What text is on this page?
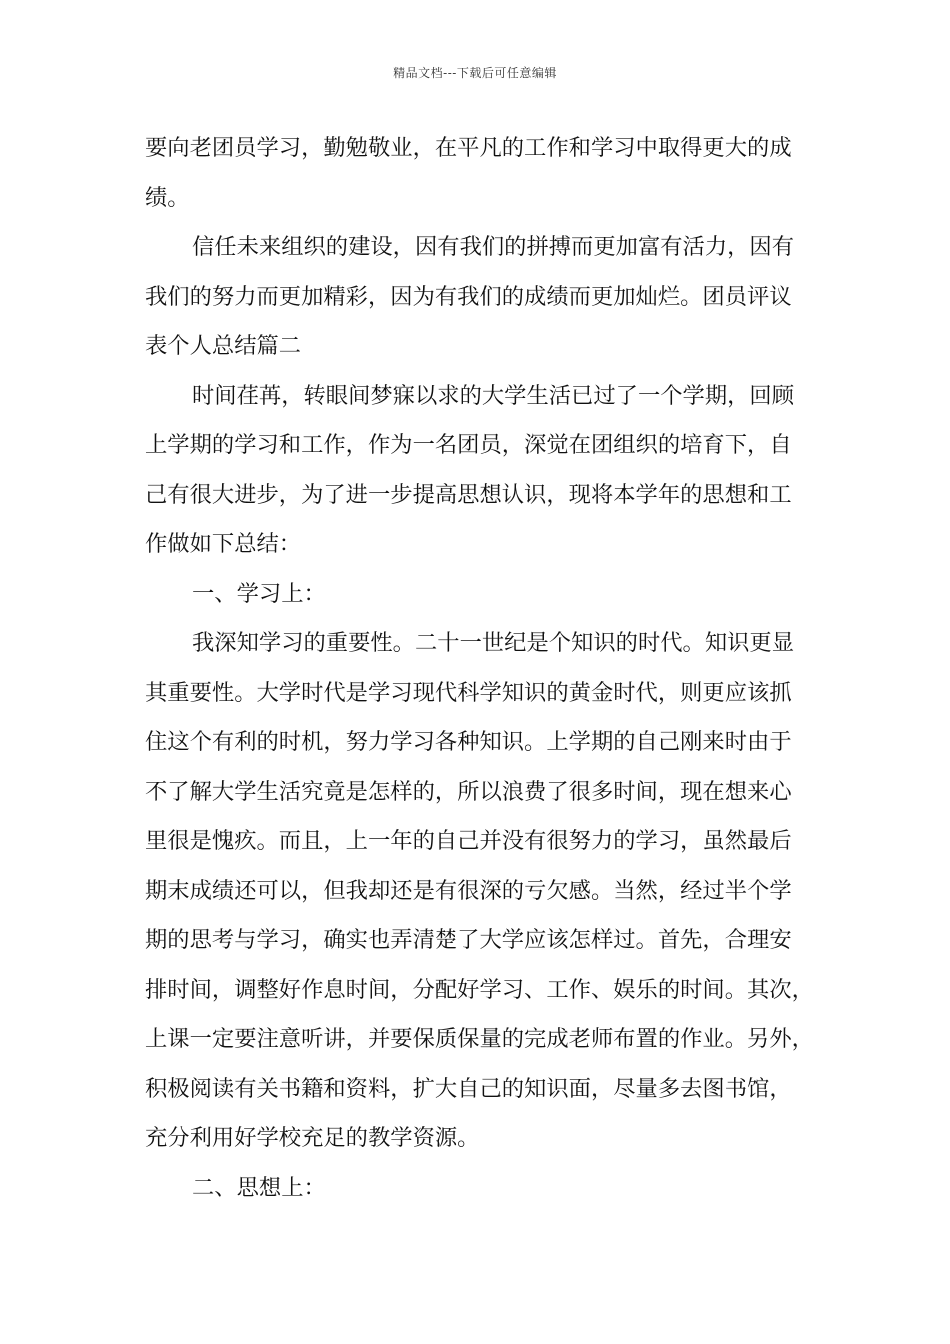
精品文档---下载后可任意编辑
要向老团员学习，勤勉敬业，在平凡的工作和学习中取得更大的成
绩。
信任未来组织的建设，因有我们的拼搏而更加富有活力，因有
我们的努力而更加精彩，因为有我们的成绩而更加灿烂。团员评议
表个人总结篇二
时间荏苒，转眼间梦寐以求的大学生活已过了一个学期，回顾
上学期的学习和工作，作为一名团员，深觉在团组织的培育下，自
己有很大进步，为了进一步提高思想认识，现将本学年的思想和工
作做如下总结：
一、学习上：
我深知学习的重要性。二十一世纪是个知识的时代。知识更显
其重要性。大学时代是学习现代科学知识的黄金时代，则更应该抓
住这个有利的时机，努力学习各种知识。上学期的自己刚来时由于
不了解大学生活究竟是怎样的，所以浪费了很多时间，现在想来心
里很是愧疚。而且，上一年的自己并没有很努力的学习，虽然最后
期末成绩还可以，但我却还是有很深的亏欠感。当然，经过半个学
期的思考与学习，确实也弄清楚了大学应该怎样过。首先，合理安
排时间，调整好作息时间，分配好学习、工作、娱乐的时间。其次，
上课一定要注意听讲，并要保质保量的完成老师布置的作业。另外，
积极阅读有关书籍和资料，扩大自己的知识面，尽量多去图书馆，
充分利用好学校充足的教学资源。
二、思想上：
